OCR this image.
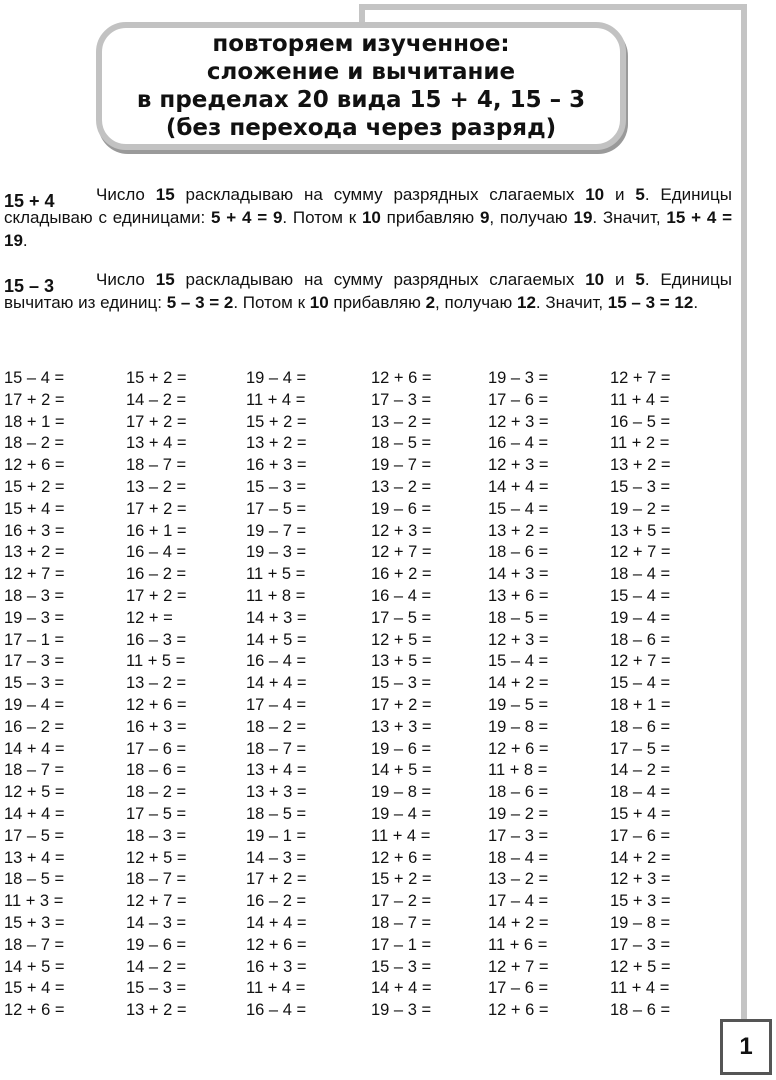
повторяем изученное:
сложение и вычитание
в пределах 20 вида 15 + 4, 15 – 3
(без перехода через разряд)
15 + 4	Число 15 раскладываю на сумму разрядных слагаемых 10 и 5. Единицы складываю с единицами: 5 + 4 = 9. Потом к 10 прибавляю 9, получаю 19. Значит, 15 + 4 = 19.

15 – 3	Число 15 раскладываю на сумму разрядных слагаемых 10 и 5. Единицы вычитаю из единиц: 5 – 3 = 2. Потом к 10 прибавляю 2, получаю 12. Значит, 15 – 3 = 12.

15 – 4 =
17 + 2 =
18 + 1 =
18 – 2 =
12 + 6 =
15 + 2 =
15 + 4 =
16 + 3 =
13 + 2 =
12 + 7 =
18 – 3 =
19 – 3 =
17 – 1 =
17 – 3 =
15 – 3 =
19 – 4 =
16 – 2 =
14 + 4 =
18 – 7 =
12 + 5 =
14 + 4 =
17 – 5 =
13 + 4 =
18 – 5 =
11 + 3 =
15 + 3 =
18 – 7 =
14 + 5 =
15 + 4 =
12 + 6 =
15 + 2 =
14 – 2 =
17 + 2 =
13 + 4 =
18 – 7 =
13 – 2 =
17 + 2 =
16 + 1 =
16 – 4 =
16 – 2 =
17 + 2 =
12 + =
16 – 3 =
11 + 5 =
13 – 2 =
12 + 6 =
16 + 3 =
17 – 6 =
18 – 6 =
18 – 2 =
17 – 5 =
18 – 3 =
12 + 5 =
18 – 7 =
12 + 7 =
14 – 3 =
19 – 6 =
14 – 2 =
15 – 3 =
13 + 2 =
19 – 4 =
11 + 4 =
15 + 2 =
13 + 2 =
16 + 3 =
15 – 3 =
17 – 5 =
19 – 7 =
19 – 3 =
11 + 5 =
11 + 8 =
14 + 3 =
14 + 5 =
16 – 4 =
14 + 4 =
17 – 4 =
18 – 2 =
18 – 7 =
13 + 4 =
13 + 3 =
18 – 5 =
19 – 1 =
14 – 3 =
17 + 2 =
16 – 2 =
14 + 4 =
12 + 6 =
16 + 3 =
11 + 4 =
16 – 4 =
12 + 6 =
17 – 3 =
13 – 2 =
18 – 5 =
19 – 7 =
13 – 2 =
19 – 6 =
12 + 3 =
12 + 7 =
16 + 2 =
16 – 4 =
17 – 5 =
12 + 5 =
13 + 5 =
15 – 3 =
17 + 2 =
13 + 3 =
19 – 6 =
14 + 5 =
19 – 8 =
19 – 4 =
11 + 4 =
12 + 6 =
15 + 2 =
17 – 2 =
18 – 7 =
17 – 1 =
15 – 3 =
14 + 4 =
19 – 3 =
19 – 3 =
17 – 6 =
12 + 3 =
16 – 4 =
12 + 3 =
14 + 4 =
15 – 4 =
13 + 2 =
18 – 6 =
14 + 3 =
13 + 6 =
18 – 5 =
12 + 3 =
15 – 4 =
14 + 2 =
19 – 5 =
19 – 8 =
12 + 6 =
11 + 8 =
18 – 6 =
19 – 2 =
17 – 3 =
18 – 4 =
13 – 2 =
17 – 4 =
14 + 2 =
11 + 6 =
12 + 7 =
17 – 6 =
12 + 6 =
12 + 7 =
11 + 4 =
16 – 5 =
11 + 2 =
13 + 2 =
15 – 3 =
19 – 2 =
13 + 5 =
12 + 7 =
18 – 4 =
15 – 4 =
19 – 4 =
18 – 6 =
12 + 7 =
15 – 4 =
18 + 1 =
18 – 6 =
17 – 5 =
14 – 2 =
18 – 4 =
15 + 4 =
17 – 6 =
14 + 2 =
12 + 3 =
15 + 3 =
19 – 8 =
17 – 3 =
12 + 5 =
11 + 4 =
18 – 6 =
1
